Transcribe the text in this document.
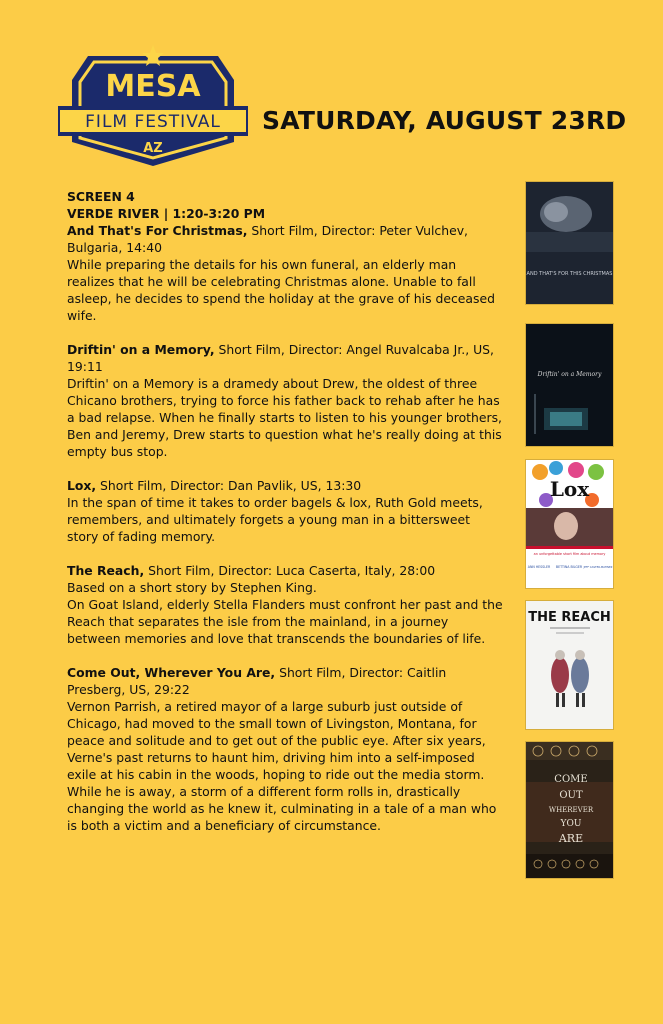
MESA
FILM FESTIVAL
AZ
SATURDAY, AUGUST 23RD

SCREEN 4

VERDE RIVER | 1:20-3:20 PM

And That's For Christmas, Short Film, Director: Peter Vulchev, Bulgaria, 14:40

While preparing the details for his own funeral, an elderly man realizes that he will be celebrating Christmas alone. Unable to fall asleep, he decides to spend the holiday at the grave of his deceased wife.

Driftin' on a Memory, Short Film, Director: Angel Ruvalcaba Jr., US, 19:11

Driftin' on a Memory is a dramedy about Drew, the oldest of three Chicano brothers, trying to force his father back to rehab after he has a bad relapse. When he finally starts to listen to his younger brothers, Ben and Jeremy, Drew starts to question what he's really doing at this empty bus stop.

Lox, Short Film, Director: Dan Pavlik, US, 13:30

In the span of time it takes to order bagels & lox, Ruth Gold meets, remembers, and ultimately forgets a young man in a bittersweet story of fading memory.

The Reach, Short Film, Director: Luca Caserta, Italy, 28:00

Based on a short story by Stephen King.
On Goat Island, elderly Stella Flanders must confront her past and the Reach that separates the isle from the mainland, in a journey between memories and love that transcends the boundaries of life.

Come Out, Wherever You Are, Short Film, Director: Caitlin Presberg, US, 29:22

Vernon Parrish, a retired mayor of a large suburb just outside of Chicago, had moved to the small town of Livingston, Montana, for peace and solitude and to get out of the public eye. After six years, Verne's past returns to haunt him, driving him into a self-imposed exile at his cabin in the woods, hoping to ride out the media storm. While he is away, a storm of a different form rolls in, drastically changing the world as he knew it, culminating in a tale of a man who is both a victim and a beneficiary of circumstance.

AND THAT'S FOR THIS CHRISTMAS
Driftin' on a Memory
Lox
an unforgettable short film about memory
ANN HESSLER BETTINA BILGER JEFF CASTER-MATINEZ
THE REACH
COME
OUT
WHEREVER
YOU
ARE
